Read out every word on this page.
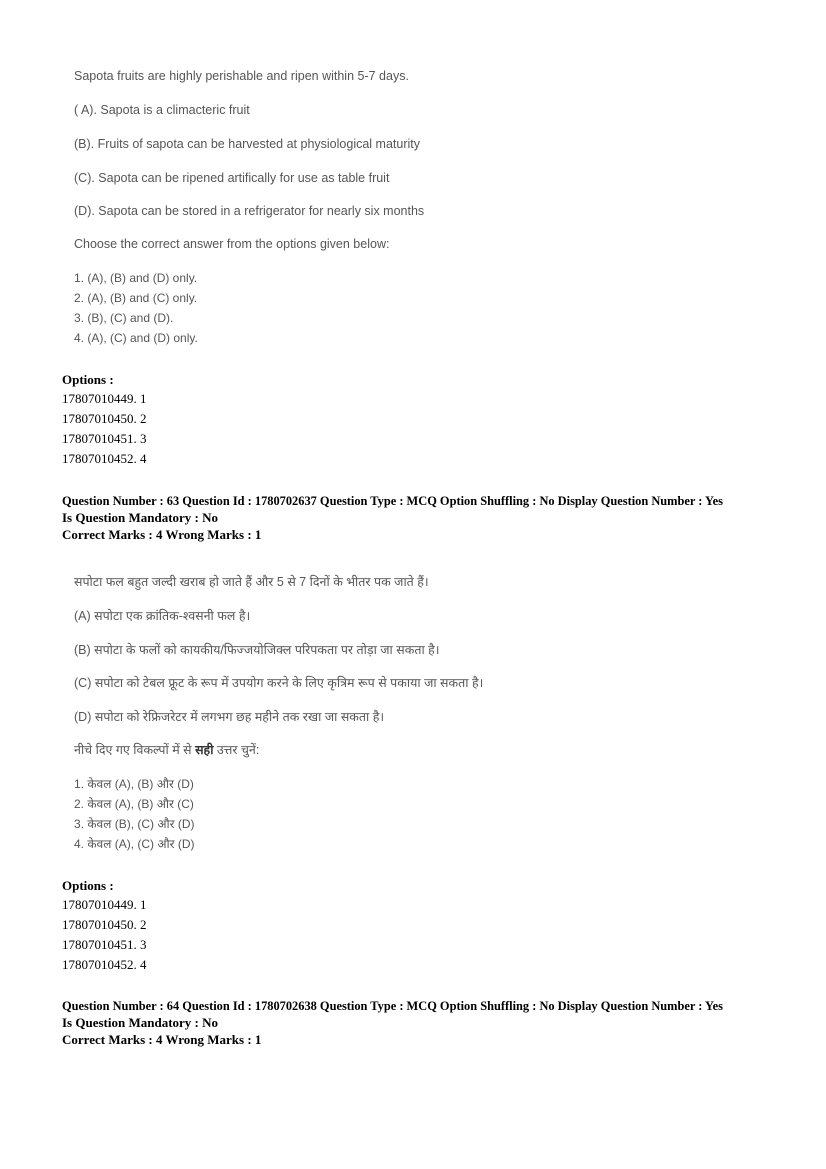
Sapota fruits are highly perishable and ripen within 5-7 days.

( A). Sapota is a climacteric fruit

(B). Fruits of sapota can be harvested at physiological maturity

(C). Sapota can be ripened artifically for use as table fruit

(D). Sapota can be stored in a refrigerator for nearly six months

Choose the correct answer from the options given below:

1. (A), (B) and (D) only.

2. (A), (B) and (C) only.

3. (B), (C) and (D).

4. (A), (C) and (D) only.

Options :
17807010449. 1
17807010450. 2
17807010451. 3
17807010452. 4
Question Number : 63 Question Id : 1780702637 Question Type : MCQ Option Shuffling : No Display Question Number : Yes
Is Question Mandatory : No
Correct Marks : 4 Wrong Marks : 1

सपोटा फल बहुत जल्दी खराब हो जाते हैं और 5 से 7 दिनों के भीतर पक जाते हैं।

(A) सपोटा एक क्रांतिक-श्वसनी फल है।

(B) सपोटा के फलों को कायकीय/फिज्जयोजिक्ल परिपकता पर तोड़ा जा सकता है।

(C) सपोटा को टेबल फ्रूट के रूप में उपयोग करने के लिए कृत्रिम रूप से पकाया जा सकता है।

(D) सपोटा को रेफ्रिजरेटर में लगभग छह महीने तक रखा जा सकता है।

नीचे दिए गए विकल्पों में से सही उत्तर चुनें:

1. केवल (A), (B) और (D)

2. केवल (A), (B) और (C)

3. केवल (B), (C) और (D)

4. केवल (A), (C) और (D)

Options :
17807010449. 1
17807010450. 2
17807010451. 3
17807010452. 4
Question Number : 64 Question Id : 1780702638 Question Type : MCQ Option Shuffling : No Display Question Number : Yes
Is Question Mandatory : No
Correct Marks : 4 Wrong Marks : 1
